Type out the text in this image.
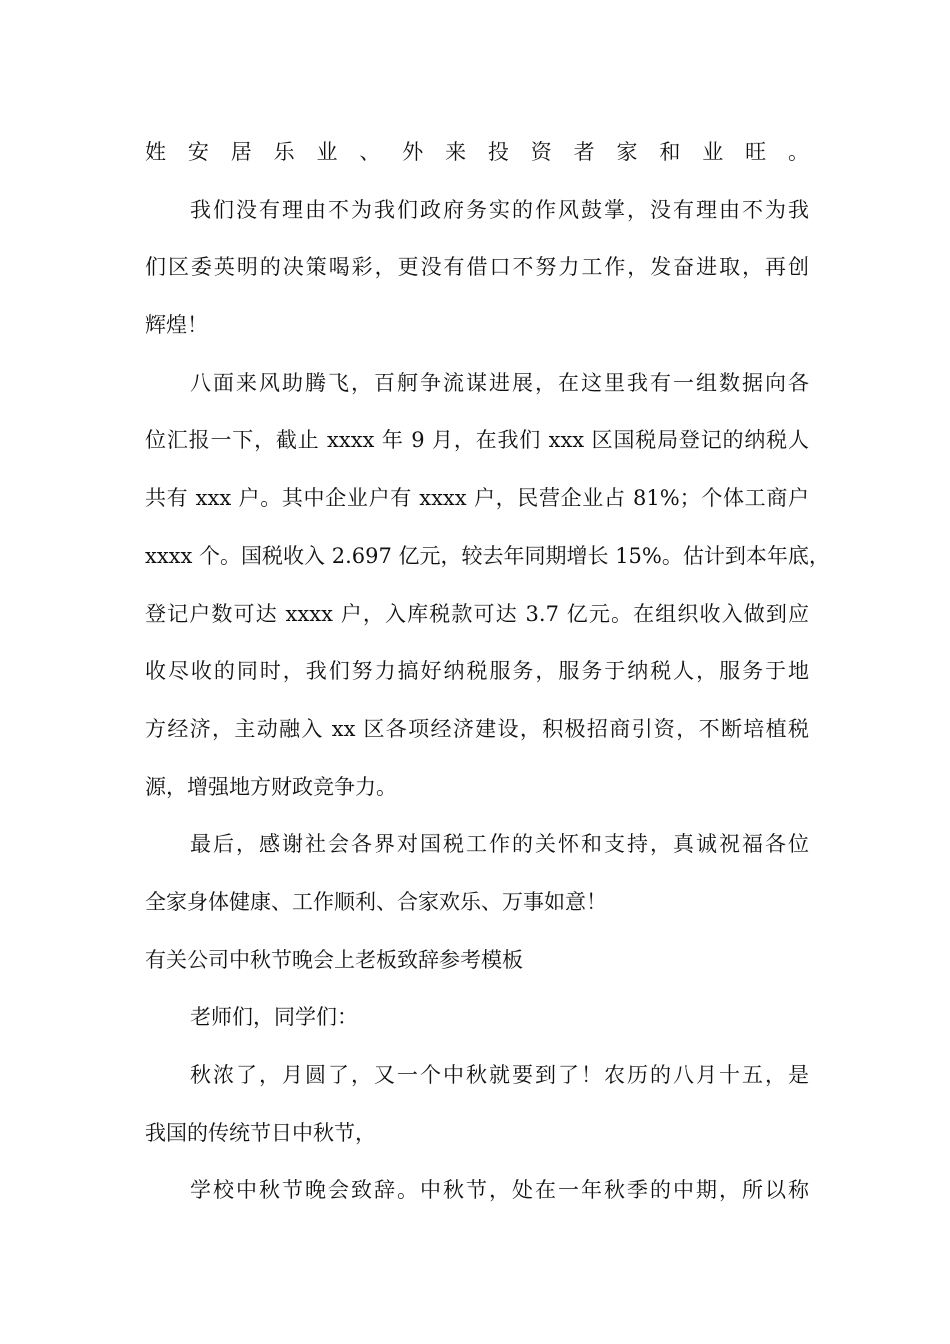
姓安居乐业、外来投资者家和业旺。
我们没有理由不为我们政府务实的作风鼓掌，没有理由不为我
们区委英明的决策喝彩，更没有借口不努力工作，发奋进取，再创
辉煌！
八面来风助腾飞，百舸争流谋进展，在这里我有一组数据向各
位汇报一下，截止 xxxx 年 9 月，在我们 xxx 区国税局登记的纳税人
共有 xxx 户。其中企业户有 xxxx 户，民营企业占 81%；个体工商户
xxxx 个。国税收入 2.697 亿元，较去年同期增长 15%。估计到本年底，
登记户数可达 xxxx 户，入库税款可达 3.7 亿元。在组织收入做到应
收尽收的同时，我们努力搞好纳税服务，服务于纳税人，服务于地
方经济，主动融入 xx 区各项经济建设，积极招商引资，不断培植税
源，增强地方财政竞争力。
最后，感谢社会各界对国税工作的关怀和支持，真诚祝福各位
全家身体健康、工作顺利、合家欢乐、万事如意！
有关公司中秋节晚会上老板致辞参考模板
老师们，同学们：
秋浓了，月圆了，又一个中秋就要到了！农历的八月十五，是
我国的传统节日中秋节，
学校中秋节晚会致辞。中秋节，处在一年秋季的中期，所以称
